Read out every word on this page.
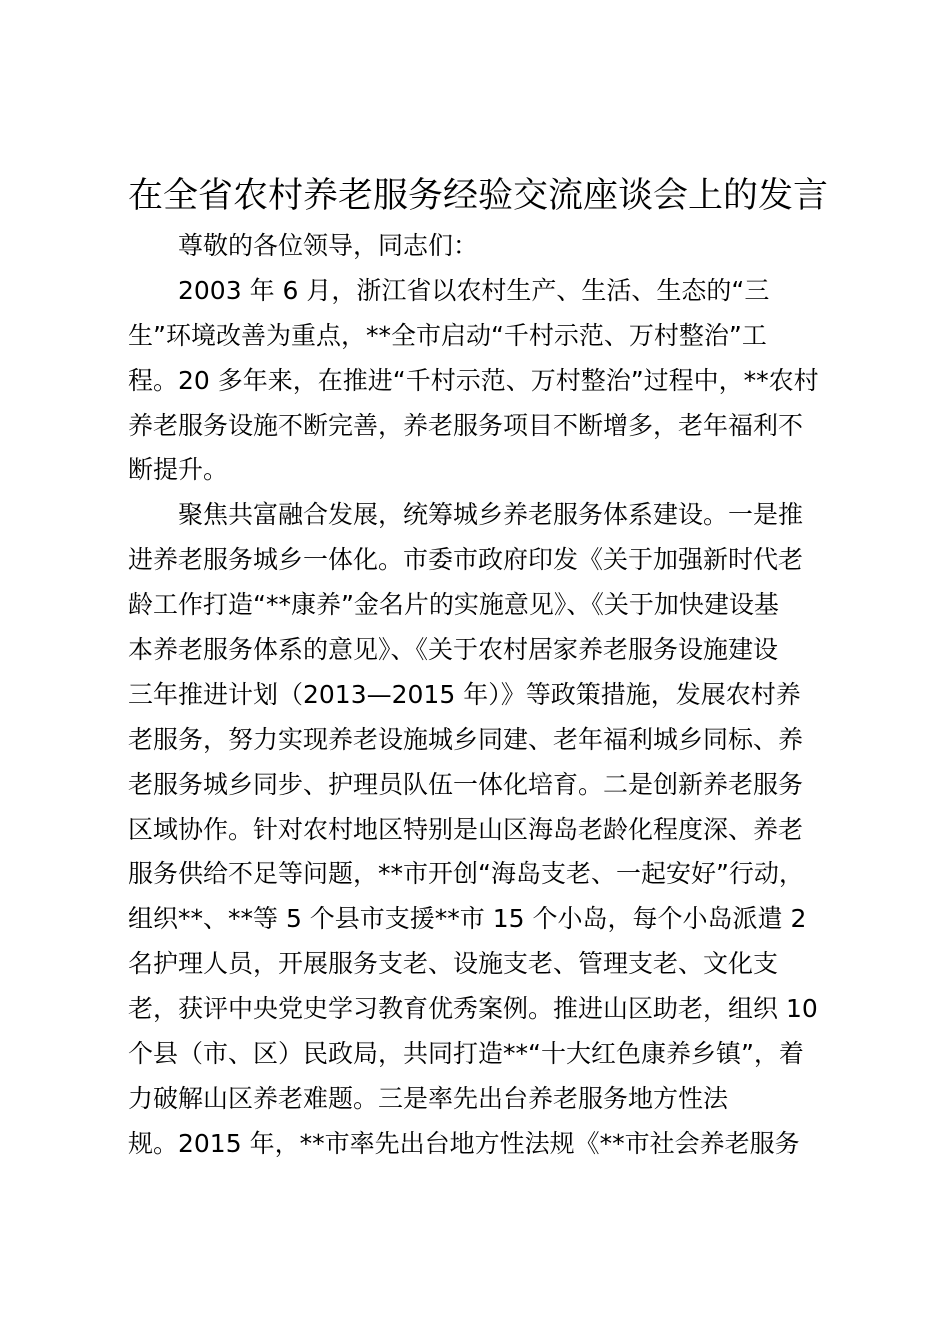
在全省农村养老服务经验交流座谈会上的发言

尊敬的各位领导，同志们：

2003 年 6 月，浙江省以农村生产、生活、生态的“三

生”环境改善为重点，**全市启动“千村示范、万村整治”工

程。20 多年来，在推进“千村示范、万村整治”过程中，**农村

养老服务设施不断完善，养老服务项目不断增多，老年福利不

断提升。

聚焦共富融合发展，统筹城乡养老服务体系建设。一是推

进养老服务城乡一体化。市委市政府印发《关于加强新时代老

龄工作打造“**康养”金名片的实施意见》、《关于加快建设基

本养老服务体系的意见》、《关于农村居家养老服务设施建设

三年推进计划（2013—2015 年）》等政策措施，发展农村养

老服务，努力实现养老设施城乡同建、老年福利城乡同标、养

老服务城乡同步、护理员队伍一体化培育。二是创新养老服务

区域协作。针对农村地区特别是山区海岛老龄化程度深、养老

服务供给不足等问题，**市开创“海岛支老、一起安好”行动，

组织**、**等 5 个县市支援**市 15 个小岛，每个小岛派遣 2

名护理人员，开展服务支老、设施支老、管理支老、文化支

老，获评中央党史学习教育优秀案例。推进山区助老，组织 10

个县（市、区）民政局，共同打造**“十大红色康养乡镇”，着

力破解山区养老难题。三是率先出台养老服务地方性法

规。2015 年，**市率先出台地方性法规《**市社会养老服务
